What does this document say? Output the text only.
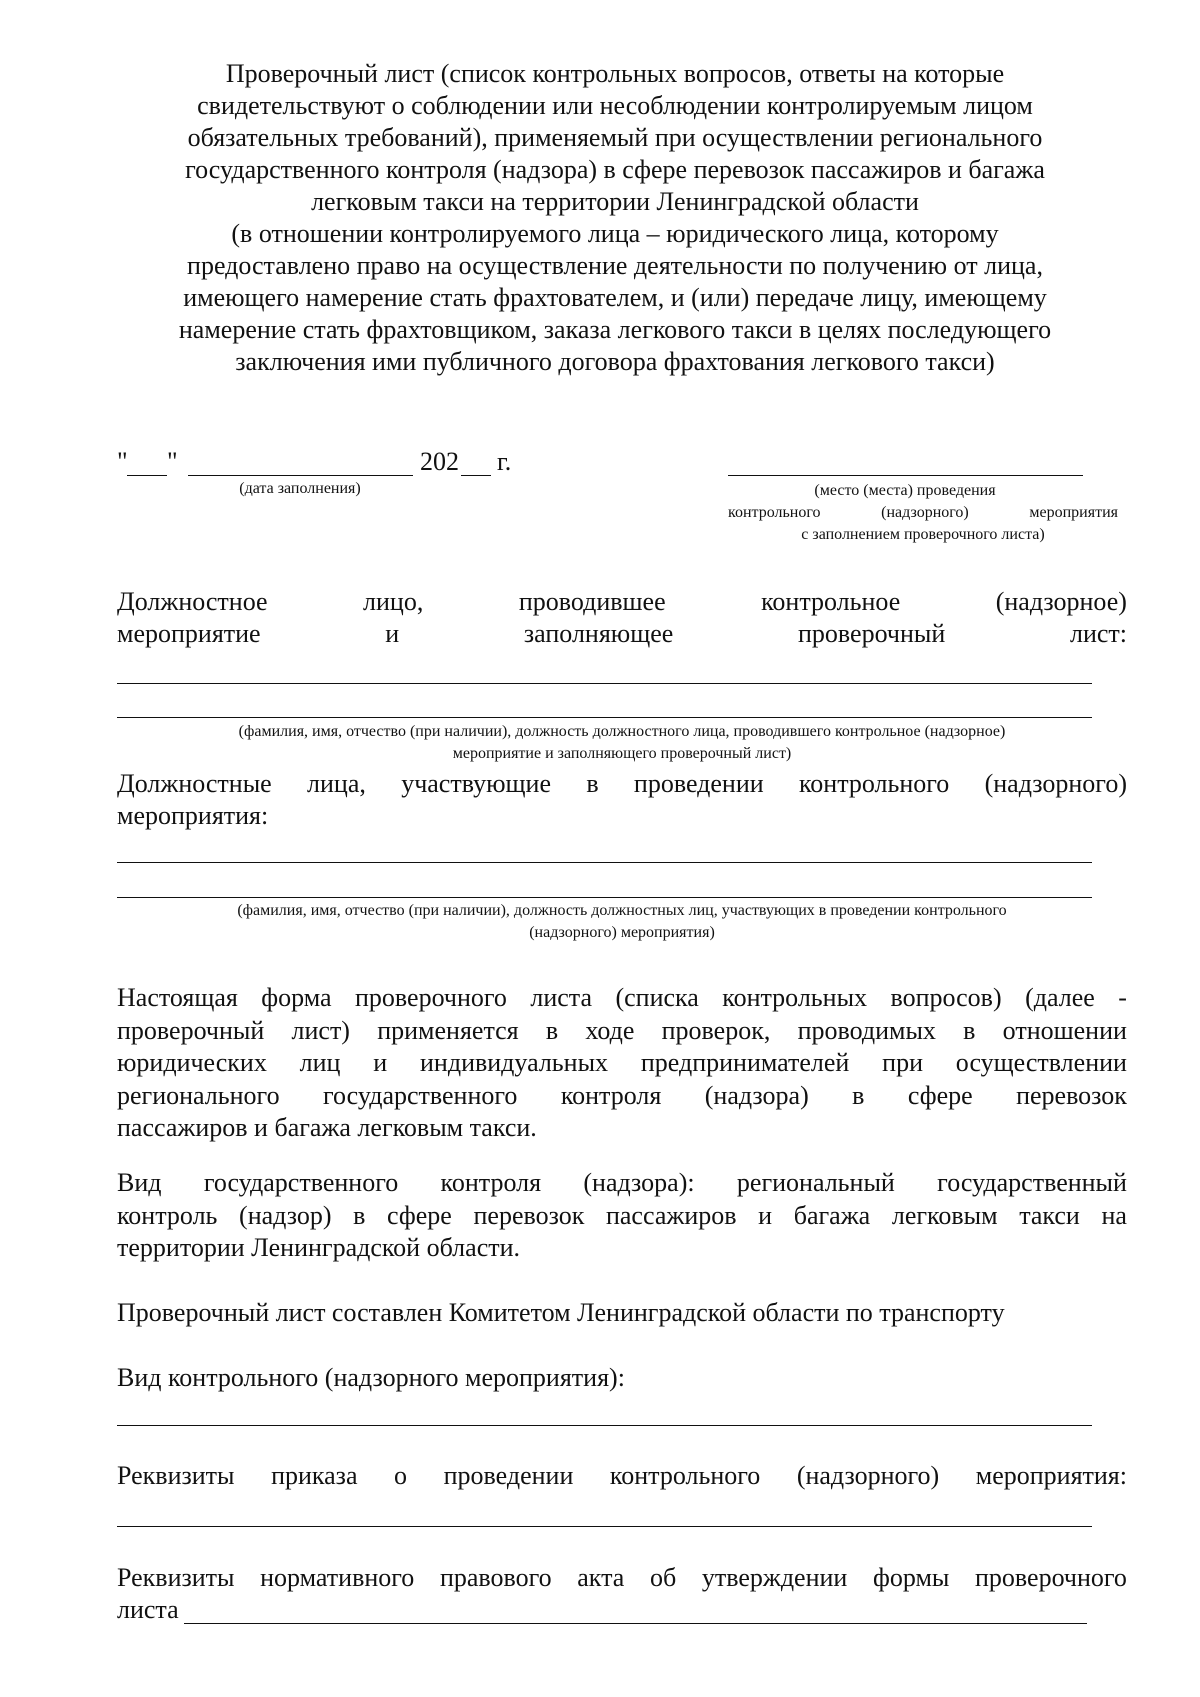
Проверочный лист (список контрольных вопросов, ответы на которые
свидетельствуют о соблюдении или несоблюдении контролируемым лицом
обязательных требований), применяемый при осуществлении регионального
государственного контроля (надзора) в сфере перевозок пассажиров и багажа
легковым такси на территории Ленинградской области
(в отношении контролируемого лица – юридического лица, которому
предоставлено право на осуществление деятельности по получению от лица,
имеющего намерение стать фрахтователем, и (или) передаче лицу, имеющему
намерение стать фрахтовщиком, заказа легкового такси в целях последующего
заключения ими публичного договора фрахтования легкового такси)
" "	202 г.
(дата заполнения)	(место (места) проведения
контрольного	(надзорного)	мероприятия
с заполнением проверочного листа)
Должностное	лицо,	проводившее	контрольное	(надзорное)
мероприятие	и	заполняющее	проверочный	лист:
(фамилия, имя, отчество (при наличии), должность должностного лица, проводившего контрольное (надзорное)
мероприятие и заполняющего проверочный лист)
Должностные лица, участвующие в проведении контрольного (надзорного)
мероприятия:
(фамилия, имя, отчество (при наличии), должность должностных лиц, участвующих в проведении контрольного
(надзорного) мероприятия)
Настоящая форма проверочного листа (списка контрольных вопросов) (далее -
проверочный лист) применяется в ходе проверок, проводимых в отношении
юридических лиц и индивидуальных предпринимателей при осуществлении
регионального государственного контроля (надзора) в сфере перевозок
пассажиров и багажа легковым такси.
Вид государственного контроля (надзора): региональный государственный
контроль (надзор) в сфере перевозок пассажиров и багажа легковым такси на
территории Ленинградской области.
Проверочный лист составлен Комитетом Ленинградской области по транспорту
Вид контрольного (надзорного мероприятия):
Реквизиты приказа о проведении контрольного (надзорного) мероприятия:
Реквизиты нормативного правового акта об утверждении формы проверочного
листа
